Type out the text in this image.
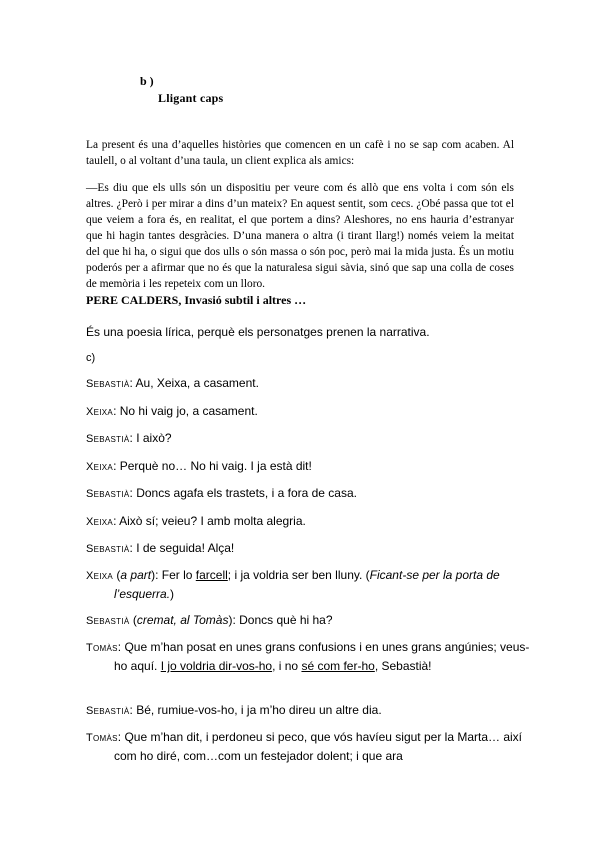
b )
Lligant caps
La present és una d’aquelles històries que comencen en un cafè i no se sap com acaben. Al taulell, o al voltant d’una taula, un client explica als amics:
—Es diu que els ulls són un dispositiu per veure com és allò que ens volta i com són els altres. ¿Però i per mirar a dins d’un mateix? En aquest sentit, som cecs. ¿Obé passa que tot el que veiem a fora és, en realitat, el que portem a dins? Aleshores, no ens hauria d’estranyar que hi hagin tantes desgràcies. D’una manera o altra (i tirant llarg!) només veiem la meitat del que hi ha, o sigui que dos ulls o són massa o són poc, però mai la mida justa. És un motiu poderós per a afirmar que no és que la naturalesa sigui sàvia, sinó que sap una colla de coses de memòria i les repeteix com un lloro.
PERE CALDERS, Invasió subtil i altres …
És una poesia lírica, perquè els personatges prenen la narrativa.
c)
Sebastià: Au, Xeixa, a casament.
Xeixa: No hi vaig jo, a casament.
Sebastià: I això?
Xeixa: Perquè no… No hi vaig. I ja està dit!
Sebastià: Doncs agafa els trastets, i a fora de casa.
Xeixa: Això sí; veieu? I amb molta alegria.
Sebastià: I de seguida! Alça!
Xeixa (a part): Fer lo farcell; i ja voldria ser ben lluny. (Ficant-se per la porta de l’esquerra.)
Sebastià (cremat, al Tomàs): Doncs què hi ha?
Tomàs: Que m’han posat en unes grans confusions i en unes grans angúnies; veus-ho aquí. I jo voldria dir-vos-ho, i no sé com fer-ho, Sebastià!
Sebastià: Bé, rumiue-vos-ho, i ja m’ho direu un altre dia.
Tomàs: Que m’han dit, i perdoneu si peco, que vós havíeu sigut per la Marta… així com ho diré, com…com un festejador dolent; i que ara
